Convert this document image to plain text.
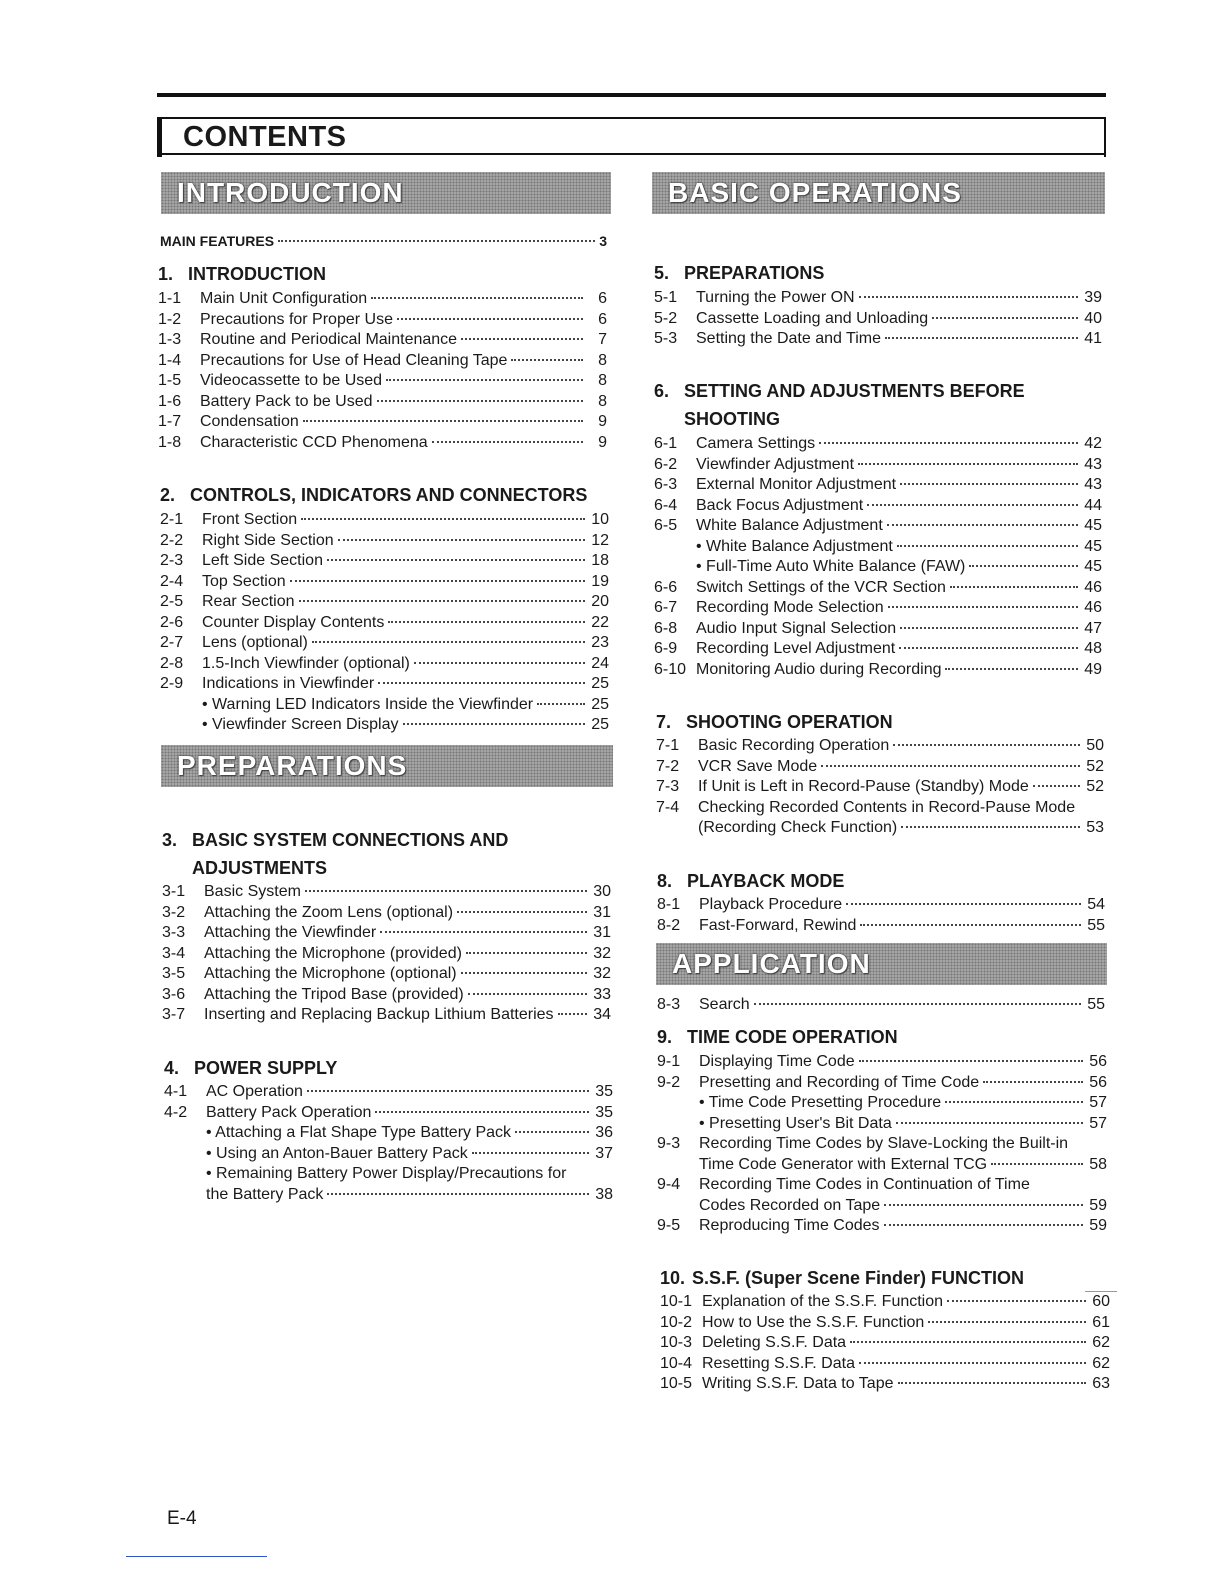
CONTENTS
INTRODUCTION	BASIC OPERATIONS
PREPARATIONS
APPLICATION
MAIN FEATURES	3
1. INTRODUCTION
1-1	Main Unit Configuration	6
1-2	Precautions for Proper Use	6
1-3	Routine and Periodical Maintenance	7
1-4	Precautions for Use of Head Cleaning Tape	8
1-5	Videocassette to be Used	8
1-6	Battery Pack to be Used	8
1-7	Condensation	9
1-8	Characteristic CCD Phenomena	9
2. CONTROLS, INDICATORS AND CONNECTORS
2-1	Front Section	10
2-2	Right Side Section	12
2-3	Left Side Section	18
2-4	Top Section	19
2-5	Rear Section	20
2-6	Counter Display Contents	22
2-7	Lens (optional)	23
2-8	1.5-Inch Viewfinder (optional)	24
2-9	Indications in Viewfinder	25
• Warning LED Indicators Inside the Viewfinder	25
• Viewfinder Screen Display	25
3. BASIC SYSTEM CONNECTIONS AND
ADJUSTMENTS
3-1	Basic System	30
3-2	Attaching the Zoom Lens (optional)	31
3-3	Attaching the Viewfinder	31
3-4	Attaching the Microphone (provided)	32
3-5	Attaching the Microphone (optional)	32
3-6	Attaching the Tripod Base (provided)	33
3-7	Inserting and Replacing Backup Lithium Batteries 34
4. POWER SUPPLY
4-1	AC Operation	35
4-2	Battery Pack Operation	35
• Attaching a Flat Shape Type Battery Pack	36
• Using an Anton-Bauer Battery Pack	37
• Remaining Battery Power Display/Precautions for
the Battery Pack	38
5. PREPARATIONS
5-1	Turning the Power ON	39
5-2	Cassette Loading and Unloading	40
5-3	Setting the Date and Time	41
6. SETTING AND ADJUSTMENTS BEFORE
SHOOTING
6-1	Camera Settings	42
6-2	Viewfinder Adjustment	43
6-3	External Monitor Adjustment	43
6-4	Back Focus Adjustment	44
6-5	White Balance Adjustment	45
• White Balance Adjustment	45
• Full-Time Auto White Balance (FAW)	45
6-6	Switch Settings of the VCR Section	46
6-7	Recording Mode Selection	46
6-8	Audio Input Signal Selection	47
6-9	Recording Level Adjustment	48
6-10 Monitoring Audio during Recording	49
7. SHOOTING OPERATION
7-1	Basic Recording Operation	50
7-2	VCR Save Mode	52
7-3	If Unit is Left in Record-Pause (Standby) Mode	52
7-4	Checking Recorded Contents in Record-Pause Mode
(Recording Check Function)	53
8. PLAYBACK MODE
8-1	Playback Procedure	54
8-2	Fast-Forward, Rewind	55
8-3	Search	55
9. TIME CODE OPERATION
9-1	Displaying Time Code	56
9-2	Presetting and Recording of Time Code	56
• Time Code Presetting Procedure	57
• Presetting User's Bit Data	57
9-3	Recording Time Codes by Slave-Locking the Built-in
Time Code Generator with External TCG	58
9-4	Recording Time Codes in Continuation of Time
Codes Recorded on Tape	59
9-5	Reproducing Time Codes	59
10. S.S.F. (Super Scene Finder) FUNCTION
10-1 Explanation of the S.S.F. Function	60
10-2 How to Use the S.S.F. Function	61
10-3 Deleting S.S.F. Data	62
10-4 Resetting S.S.F. Data	62
10-5 Writing S.S.F. Data to Tape	63
E-4
